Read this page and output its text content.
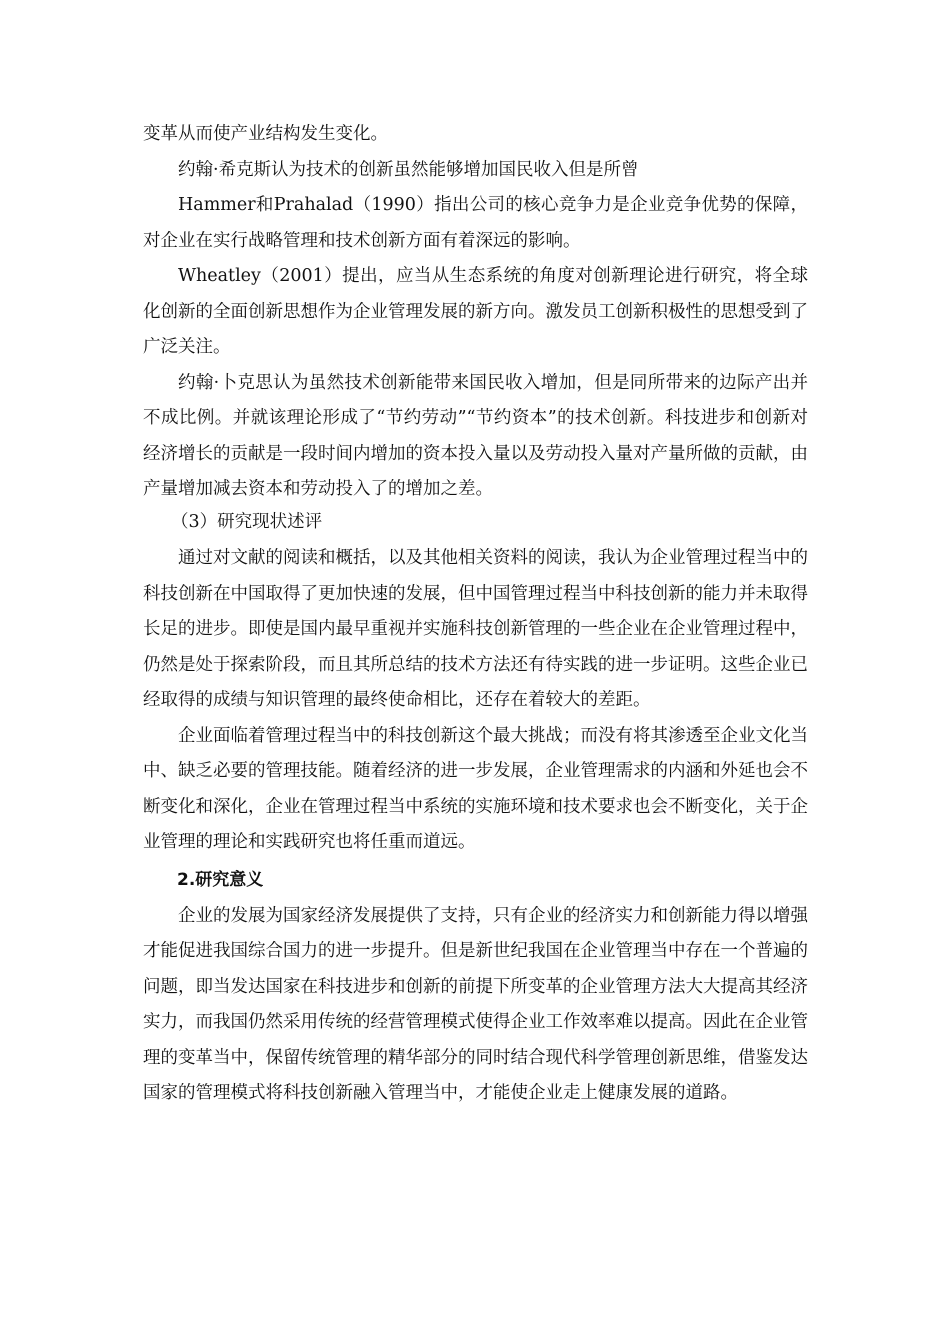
变革从而使产业结构发生变化。

约翰·希克斯认为技术的创新虽然能够增加国民收入但是所曾

Hammer和Prahalad（1990）指出公司的核心竞争力是企业竞争优势的保障，对企业在实行战略管理和技术创新方面有着深远的影响。

Wheatley（2001）提出，应当从生态系统的角度对创新理论进行研究，将全球化创新的全面创新思想作为企业管理发展的新方向。激发员工创新积极性的思想受到了广泛关注。

约翰·卜克思认为虽然技术创新能带来国民收入增加，但是同所带来的边际产出并不成比例。并就该理论形成了“节约劳动”“节约资本”的技术创新。科技进步和创新对经济增长的贡献是一段时间内增加的资本投入量以及劳动投入量对产量所做的贡献，由产量增加减去资本和劳动投入了的增加之差。

（3）研究现状述评

通过对文献的阅读和概括，以及其他相关资料的阅读，我认为企业管理过程当中的科技创新在中国取得了更加快速的发展，但中国管理过程当中科技创新的能力并未取得长足的进步。即使是国内最早重视并实施科技创新管理的一些企业在企业管理过程中，仍然是处于探索阶段，而且其所总结的技术方法还有待实践的进一步证明。这些企业已经取得的成绩与知识管理的最终使命相比，还存在着较大的差距。

企业面临着管理过程当中的科技创新这个最大挑战；而没有将其渗透至企业文化当中、缺乏必要的管理技能。随着经济的进一步发展，企业管理需求的内涵和外延也会不断变化和深化，企业在管理过程当中系统的实施环境和技术要求也会不断变化，关于企业管理的理论和实践研究也将任重而道远。

2.研究意义

企业的发展为国家经济发展提供了支持，只有企业的经济实力和创新能力得以增强才能促进我国综合国力的进一步提升。但是新世纪我国在企业管理当中存在一个普遍的问题，即当发达国家在科技进步和创新的前提下所变革的企业管理方法大大提高其经济实力，而我国仍然采用传统的经营管理模式使得企业工作效率难以提高。因此在企业管理的变革当中，保留传统管理的精华部分的同时结合现代科学管理创新思维，借鉴发达国家的管理模式将科技创新融入管理当中，才能使企业走上健康发展的道路。
